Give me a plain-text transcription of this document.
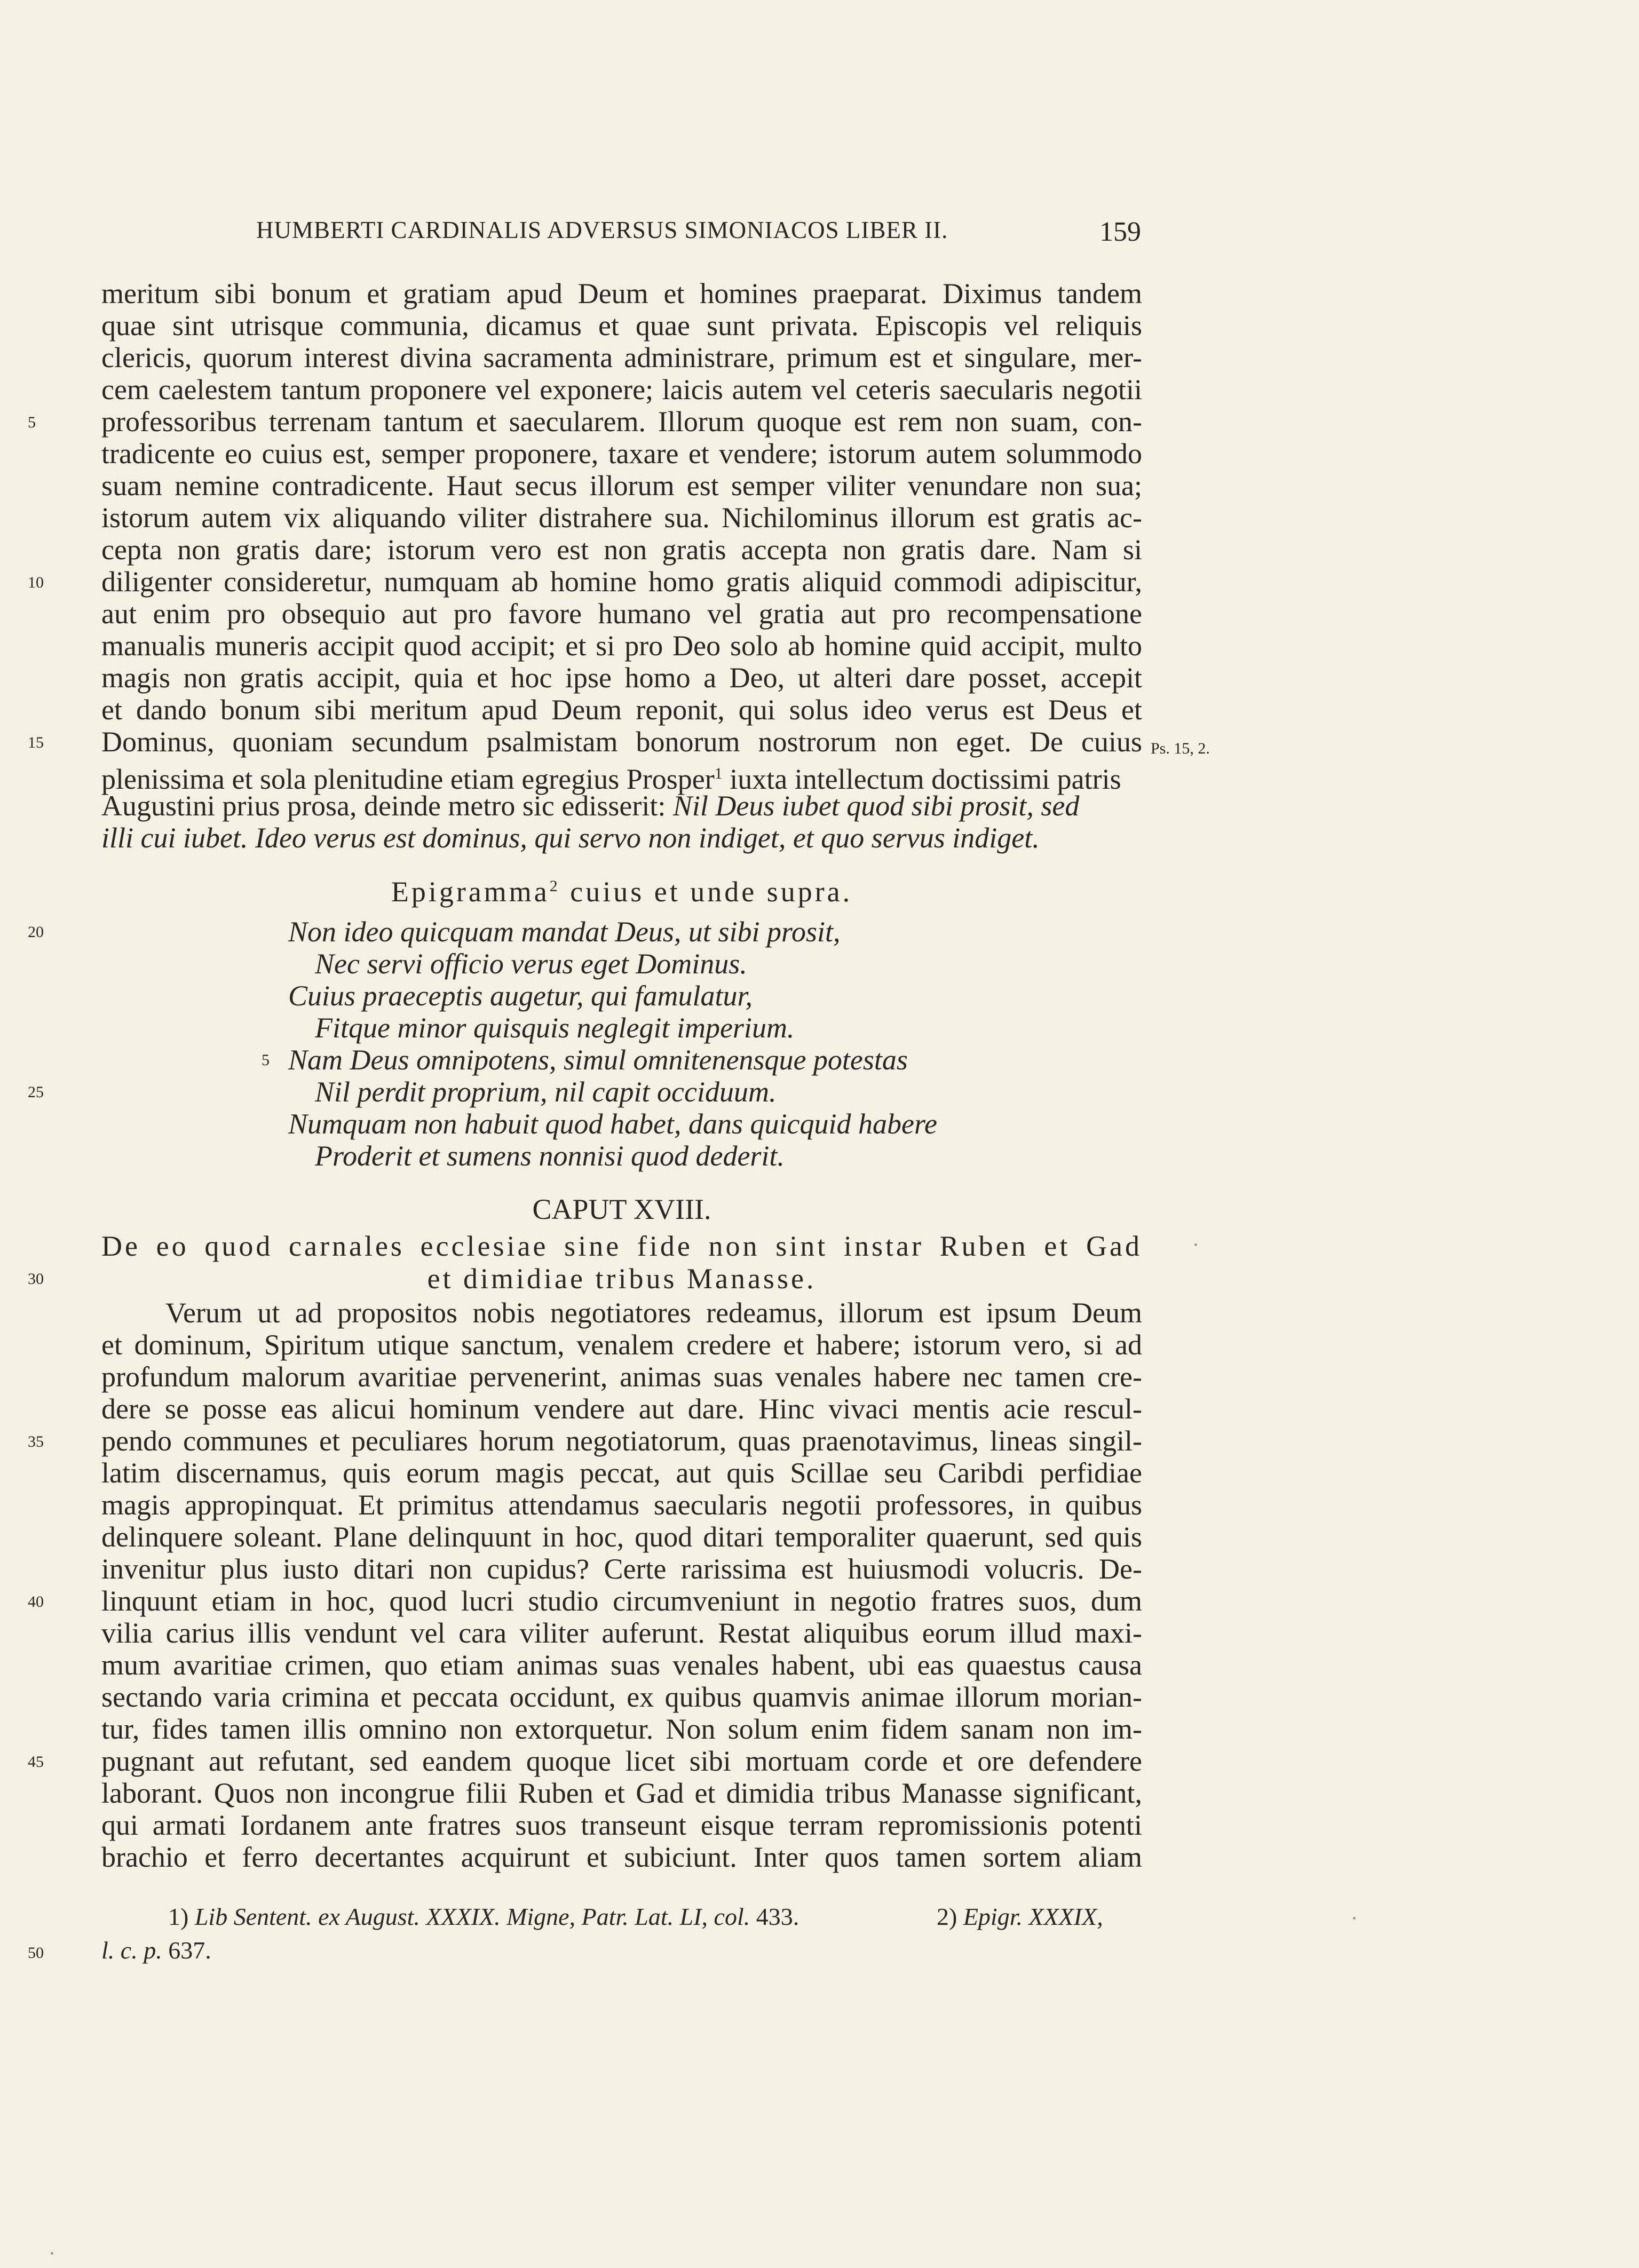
HUMBERTI CARDINALIS ADVERSUS SIMONIACOS LIBER II.	159
meritum sibi bonum et gratiam apud Deum et homines praeparat. Diximus tandem
quae sint utrisque communia, dicamus et quae sunt privata. Episcopis vel reliquis
clericis, quorum interest divina sacramenta administrare, primum est et singulare, mer-
cem caelestem tantum proponere vel exponere; laicis autem vel ceteris saecularis negotii
professoribus terrenam tantum et saecularem. Illorum quoque est rem non suam, con-
tradicente eo cuius est, semper proponere, taxare et vendere; istorum autem solummodo
suam nemine contradicente. Haut secus illorum est semper viliter venundare non sua;
istorum autem vix aliquando viliter distrahere sua. Nichilominus illorum est gratis ac-
cepta non gratis dare; istorum vero est non gratis accepta non gratis dare. Nam si
diligenter consideretur, numquam ab homine homo gratis aliquid commodi adipiscitur,
aut enim pro obsequio aut pro favore humano vel gratia aut pro recompensatione
manualis muneris accipit quod accipit; et si pro Deo solo ab homine quid accipit, multo
magis non gratis accipit, quia et hoc ipse homo a Deo, ut alteri dare posset, accepit
et dando bonum sibi meritum apud Deum reponit, qui solus ideo verus est Deus et
Dominus, quoniam secundum psalmistam bonorum nostrorum non eget. De cuius
plenissima et sola plenitudine etiam egregius Prosper$^1$ iuxta intellectum doctissimi patris
Augustini prius prosa, deinde metro sic edisserit: Nil Deus iubet quod sibi prosit, sed
illi cui iubet. Ideo verus est dominus, qui servo non indiget, et quo servus indiget.
Ps. 15, 2.
Epigramma$^2$ cuius et unde supra.
Non ideo quicquam mandat Deus, ut sibi prosit,
Nec servi officio verus eget Dominus.
Cuius praeceptis augetur, qui famulatur,
Fitque minor quisquis neglegit imperium.
Nam Deus omnipotens, simul omnitenensque potestas
Nil perdit proprium, nil capit occiduum.
Numquam non habuit quod habet, dans quicquid habere
Proderit et sumens nonnisi quod dederit.
5
CAPUT XVIII.
De eo quod carnales ecclesiae sine fide non sint instar Ruben et Gad
et dimidiae tribus Manasse.
Verum ut ad propositos nobis negotiatores redeamus, illorum est ipsum Deum
et dominum, Spiritum utique sanctum, venalem credere et habere; istorum vero, si ad
profundum malorum avaritiae pervenerint, animas suas venales habere nec tamen cre-
dere se posse eas alicui hominum vendere aut dare. Hinc vivaci mentis acie rescul-
pendo communes et peculiares horum negotiatorum, quas praenotavimus, lineas singil-
latim discernamus, quis eorum magis peccat, aut quis Scillae seu Caribdi perfidiae
magis appropinquat. Et primitus attendamus saecularis negotii professores, in quibus
delinquere soleant. Plane delinquunt in hoc, quod ditari temporaliter quaerunt, sed quis
invenitur plus iusto ditari non cupidus? Certe rarissima est huiusmodi volucris. De-
linquunt etiam in hoc, quod lucri studio circumveniunt in negotio fratres suos, dum
vilia carius illis vendunt vel cara viliter auferunt. Restat aliquibus eorum illud maxi-
mum avaritiae crimen, quo etiam animas suas venales habent, ubi eas quaestus causa
sectando varia crimina et peccata occidunt, ex quibus quamvis animae illorum morian-
tur, fides tamen illis omnino non extorquetur. Non solum enim fidem sanam non im-
pugnant aut refutant, sed eandem quoque licet sibi mortuam corde et ore defendere
laborant. Quos non incongrue filii Ruben et Gad et dimidia tribus Manasse significant,
qui armati Iordanem ante fratres suos transeunt eisque terram repromissionis potenti
brachio et ferro decertantes acquirunt et subiciunt. Inter quos tamen sortem aliam
1) Lib Sentent. ex August. XXXIX. Migne, Patr. Lat. LI, col. 433.	2) Epigr. XXXIX,
l. c. p. 637.
5
10
15
20
25
30
35
40
45
50
